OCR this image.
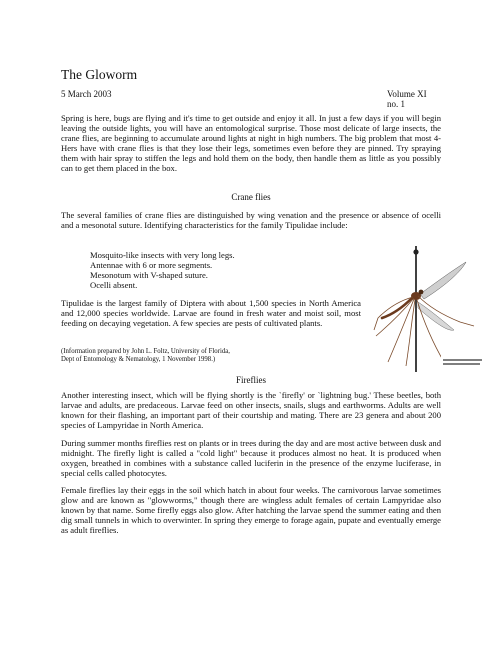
The Gloworm
5 March 2003	Volume XI
no. 1

Spring is here, bugs are flying and it's time to get outside and enjoy it all. In just a few days if you will begin leaving the outside lights, you will have an entomological surprise. Those most delicate of large insects, the crane flies, are beginning to accumulate around lights at night in high numbers. The big problem that most 4-Hers have with crane flies is that they lose their legs, sometimes even before they are pinned. Try spraying them with hair spray to stiffen the legs and hold them on the body, then handle them as little as you possibly can to get them placed in the box.

Crane flies

The several families of crane flies are distinguished by wing venation and the presence or absence of ocelli and a mesonotal suture. Identifying characteristics for the family Tipulidae include:

Mosquito-like insects with very long legs.
Antennae with 6 or more segments.
Mesonotum with V-shaped suture.
Ocelli absent.

Tipulidae is the largest family of Diptera with about 1,500 species in North America and 12,000 species worldwide. Larvae are found in fresh water and moist soil, most feeding on decaying vegetation. A few species are pests of cultivated plants.

(Information prepared by John L. Foltz, University of Florida,
Dept of Entomology & Nematology, 1 November 1998.)
Fireflies

Another interesting insect, which will be flying shortly is the `firefly' or `lightning bug.' These beetles, both larvae and adults, are predaceous. Larvae feed on other insects, snails, slugs and earthworms. Adults are well known for their flashing, an important part of their courtship and mating. There are 23 genera and about 200 species of Lampyridae in North America.

During summer months fireflies rest on plants or in trees during the day and are most active between dusk and midnight. The firefly light is called a "cold light" because it produces almost no heat. It is produced when oxygen, breathed in combines with a substance called luciferin in the presence of the enzyme luciferase, in special cells called photocytes.

Female fireflies lay their eggs in the soil which hatch in about four weeks. The carnivorous larvae sometimes glow and are known as "glowworms," though there are wingless adult females of certain Lampyridae also known by that name. Some firefly eggs also glow. After hatching the larvae spend the summer eating and then dig small tunnels in which to overwinter. In spring they emerge to forage again, pupate and eventually emerge as adult fireflies.
